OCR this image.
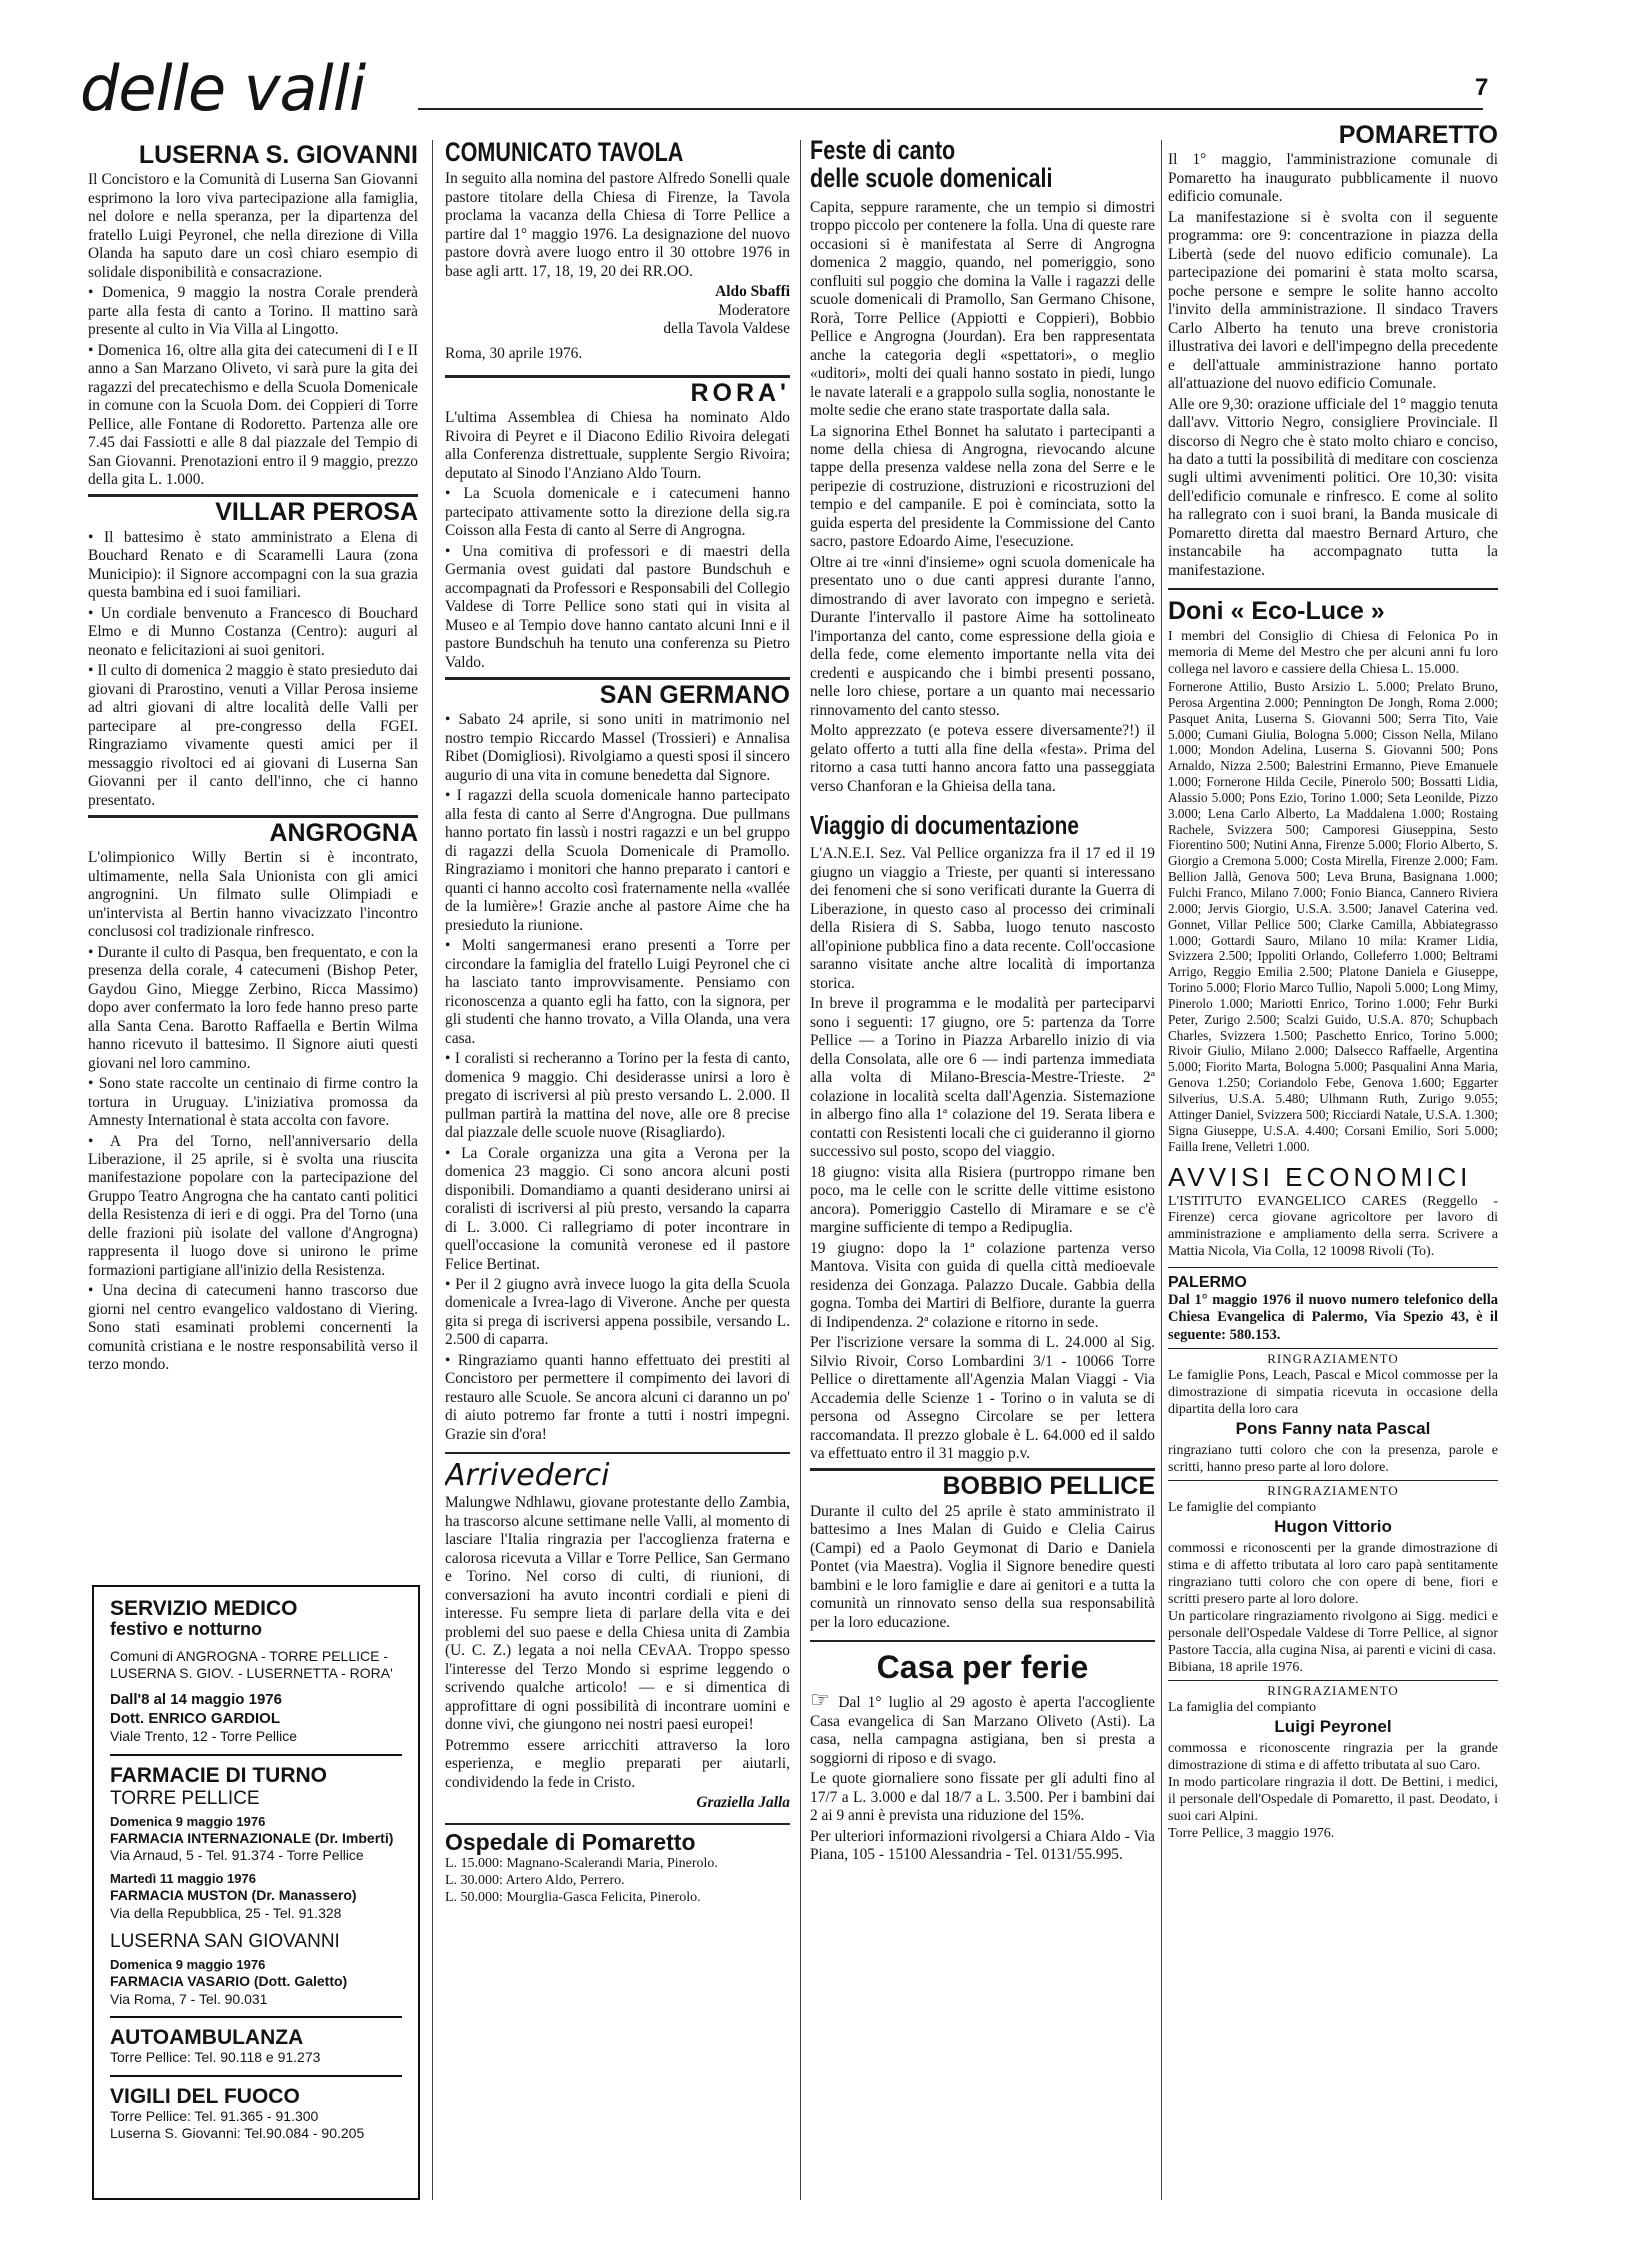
delle valli	7
LUSERNA S. GIOVANNI

Il Concistoro e la Comunità di Luserna San Giovanni esprimono la loro viva partecipazione alla famiglia, nel dolore e nella speranza, per la dipartenza del fratello Luigi Peyronel, che nella direzione di Villa Olanda ha saputo dare un così chiaro esempio di solidale disponibilità e consacrazione.

• Domenica, 9 maggio la nostra Corale prenderà parte alla festa di canto a Torino. Il mattino sarà presente al culto in Via Villa al Lingotto.

• Domenica 16, oltre alla gita dei catecumeni di I e II anno a San Marzano Oliveto, vi sarà pure la gita dei ragazzi del precatechismo e della Scuola Domenicale in comune con la Scuola Dom. dei Coppieri di Torre Pellice, alle Fontane di Rodoretto. Partenza alle ore 7.45 dai Fassiotti e alle 8 dal piazzale del Tempio di San Giovanni. Prenotazioni entro il 9 maggio, prezzo della gita L. 1.000.

VILLAR PEROSA

• Il battesimo è stato amministrato a Elena di Bouchard Renato e di Scaramelli Laura (zona Municipio): il Signore accompagni con la sua grazia questa bambina ed i suoi familiari.

• Un cordiale benvenuto a Francesco di Bouchard Elmo e di Munno Costanza (Centro): auguri al neonato e felicitazioni ai suoi genitori.

• Il culto di domenica 2 maggio è stato presieduto dai giovani di Prarostino, venuti a Villar Perosa insieme ad altri giovani di altre località delle Valli per partecipare al pre-congresso della FGEI. Ringraziamo vivamente questi amici per il messaggio rivoltoci ed ai giovani di Luserna San Giovanni per il canto dell'inno, che ci hanno presentato.

ANGROGNA

L'olimpionico Willy Bertin si è incontrato, ultimamente, nella Sala Unionista con gli amici angrognini. Un filmato sulle Olimpiadi e un'intervista al Bertin hanno vivacizzato l'incontro conclusosi col tradizionale rinfresco.

• Durante il culto di Pasqua, ben frequentato, e con la presenza della corale, 4 catecumeni (Bishop Peter, Gaydou Gino, Miegge Zerbino, Ricca Massimo) dopo aver confermato la loro fede hanno preso parte alla Santa Cena. Barotto Raffaella e Bertin Wilma hanno ricevuto il battesimo. Il Signore aiuti questi giovani nel loro cammino.

• Sono state raccolte un centinaio di firme contro la tortura in Uruguay. L'iniziativa promossa da Amnesty International è stata accolta con favore.

• A Pra del Torno, nell'anniversario della Liberazione, il 25 aprile, si è svolta una riuscita manifestazione popolare con la partecipazione del Gruppo Teatro Angrogna che ha cantato canti politici della Resistenza di ieri e di oggi. Pra del Torno (una delle frazioni più isolate del vallone d'Angrogna) rappresenta il luogo dove si unirono le prime formazioni partigiane all'inizio della Resistenza.

• Una decina di catecumeni hanno trascorso due giorni nel centro evangelico valdostano di Viering. Sono stati esaminati problemi concernenti la comunità cristiana e le nostre responsabilità verso il terzo mondo.

SERVIZIO MEDICO
festivo e notturno
Comuni di ANGROGNA - TORRE PELLICE - LUSERNA S. GIOV. - LUSERNETTA - RORA'
Dall'8 al 14 maggio 1976
Dott. ENRICO GARDIOL
Viale Trento, 12 - Torre Pellice
FARMACIE DI TURNO
TORRE PELLICE
Domenica 9 maggio 1976
FARMACIA INTERNAZIONALE (Dr. Imberti)
Via Arnaud, 5 - Tel. 91.374 - Torre Pellice
Martedì 11 maggio 1976
FARMACIA MUSTON (Dr. Manassero)
Via della Repubblica, 25 - Tel. 91.328
LUSERNA SAN GIOVANNI
Domenica 9 maggio 1976
FARMACIA VASARIO (Dott. Galetto)
Via Roma, 7 - Tel. 90.031
AUTOAMBULANZA
Torre Pellice: Tel. 90.118 e 91.273
VIGILI DEL FUOCO
Torre Pellice: Tel. 91.365 - 91.300
Luserna S. Giovanni: Tel.90.084 - 90.205
COMUNICATO TAVOLA

In seguito alla nomina del pastore Alfredo Sonelli quale pastore titolare della Chiesa di Firenze, la Tavola proclama la vacanza della Chiesa di Torre Pellice a partire dal 1° maggio 1976. La designazione del nuovo pastore dovrà avere luogo entro il 30 ottobre 1976 in base agli artt. 17, 18, 19, 20 dei RR.OO.

Aldo Sbaffi
Moderatore
della Tavola Valdese

Roma, 30 aprile 1976.

RORA'

L'ultima Assemblea di Chiesa ha nominato Aldo Rivoira di Peyret e il Diacono Edilio Rivoira delegati alla Conferenza distrettuale, supplente Sergio Rivoira; deputato al Sinodo l'Anziano Aldo Tourn.

• La Scuola domenicale e i catecumeni hanno partecipato attivamente sotto la direzione della sig.ra Coisson alla Festa di canto al Serre di Angrogna.

• Una comitiva di professori e di maestri della Germania ovest guidati dal pastore Bundschuh e accompagnati da Professori e Responsabili del Collegio Valdese di Torre Pellice sono stati qui in visita al Museo e al Tempio dove hanno cantato alcuni Inni e il pastore Bundschuh ha tenuto una conferenza su Pietro Valdo.

SAN GERMANO

• Sabato 24 aprile, si sono uniti in matrimonio nel nostro tempio Riccardo Massel (Trossieri) e Annalisa Ribet (Domigliosi). Rivolgiamo a questi sposi il sincero augurio di una vita in comune benedetta dal Signore.

• I ragazzi della scuola domenicale hanno partecipato alla festa di canto al Serre d'Angrogna. Due pullmans hanno portato fin lassù i nostri ragazzi e un bel gruppo di ragazzi della Scuola Domenicale di Pramollo. Ringraziamo i monitori che hanno preparato i cantori e quanti ci hanno accolto così fraternamente nella «vallée de la lumière»! Grazie anche al pastore Aime che ha presieduto la riunione.

• Molti sangermanesi erano presenti a Torre per circondare la famiglia del fratello Luigi Peyronel che ci ha lasciato tanto improvvisamente. Pensiamo con riconoscenza a quanto egli ha fatto, con la signora, per gli studenti che hanno trovato, a Villa Olanda, una vera casa.

• I coralisti si recheranno a Torino per la festa di canto, domenica 9 maggio. Chi desiderasse unirsi a loro è pregato di iscriversi al più presto versando L. 2.000. Il pullman partirà la mattina del nove, alle ore 8 precise dal piazzale delle scuole nuove (Risagliardo).

• La Corale organizza una gita a Verona per la domenica 23 maggio. Ci sono ancora alcuni posti disponibili. Domandiamo a quanti desiderano unirsi ai coralisti di iscriversi al più presto, versando la caparra di L. 3.000. Ci rallegriamo di poter incontrare in quell'occasione la comunità veronese ed il pastore Felice Bertinat.

• Per il 2 giugno avrà invece luogo la gita della Scuola domenicale a Ivrea-lago di Viverone. Anche per questa gita si prega di iscriversi appena possibile, versando L. 2.500 di caparra.

• Ringraziamo quanti hanno effettuato dei prestiti al Concistoro per permettere il compimento dei lavori di restauro alle Scuole. Se ancora alcuni ci daranno un po' di aiuto potremo far fronte a tutti i nostri impegni. Grazie sin d'ora!

Arrivederci

Malungwe Ndhlawu, giovane protestante dello Zambia, ha trascorso alcune settimane nelle Valli, al momento di lasciare l'Italia ringrazia per l'accoglienza fraterna e calorosa ricevuta a Villar e Torre Pellice, San Germano e Torino. Nel corso di culti, di riunioni, di conversazioni ha avuto incontri cordiali e pieni di interesse. Fu sempre lieta di parlare della vita e dei problemi del suo paese e della Chiesa unita di Zambia (U. C. Z.) legata a noi nella CEvAA. Troppo spesso l'interesse del Terzo Mondo si esprime leggendo o scrivendo qualche articolo! — e si dimentica di approfittare di ogni possibilità di incontrare uomini e donne vivi, che giungono nei nostri paesi europei!

Potremmo essere arricchiti attraverso la loro esperienza, e meglio preparati per aiutarli, condividendo la fede in Cristo.

Graziella Jalla
Ospedale di Pomaretto
L. 15.000: Magnano-Scalerandi Maria, Pinerolo.
L. 30.000: Artero Aldo, Perrero.
L. 50.000: Mourglia-Gasca Felicita, Pinerolo.
Feste di canto
delle scuole domenicali

Capita, seppure raramente, che un tempio si dimostri troppo piccolo per contenere la folla. Una di queste rare occasioni si è manifestata al Serre di Angrogna domenica 2 maggio, quando, nel pomeriggio, sono confluiti sul poggio che domina la Valle i ragazzi delle scuole domenicali di Pramollo, San Germano Chisone, Rorà, Torre Pellice (Appiotti e Coppieri), Bobbio Pellice e Angrogna (Jourdan). Era ben rappresentata anche la categoria degli «spettatori», o meglio «uditori», molti dei quali hanno sostato in piedi, lungo le navate laterali e a grappolo sulla soglia, nonostante le molte sedie che erano state trasportate dalla sala.

La signorina Ethel Bonnet ha salutato i partecipanti a nome della chiesa di Angrogna, rievocando alcune tappe della presenza valdese nella zona del Serre e le peripezie di costruzione, distruzioni e ricostruzioni del tempio e del campanile. E poi è cominciata, sotto la guida esperta del presidente la Commissione del Canto sacro, pastore Edoardo Aime, l'esecuzione.

Oltre ai tre «inni d'insieme» ogni scuola domenicale ha presentato uno o due canti appresi durante l'anno, dimostrando di aver lavorato con impegno e serietà. Durante l'intervallo il pastore Aime ha sottolineato l'importanza del canto, come espressione della gioia e della fede, come elemento importante nella vita dei credenti e auspicando che i bimbi presenti possano, nelle loro chiese, portare a un quanto mai necessario rinnovamento del canto stesso.

Molto apprezzato (e poteva essere diversamente?!) il gelato offerto a tutti alla fine della «festa». Prima del ritorno a casa tutti hanno ancora fatto una passeggiata verso Chanforan e la Ghieisa della tana.

Viaggio di documentazione

L'A.N.E.I. Sez. Val Pellice organizza fra il 17 ed il 19 giugno un viaggio a Trieste, per quanti si interessano dei fenomeni che si sono verificati durante la Guerra di Liberazione, in questo caso al processo dei criminali della Risiera di S. Sabba, luogo tenuto nascosto all'opinione pubblica fino a data recente. Coll'occasione saranno visitate anche altre località di importanza storica.

In breve il programma e le modalità per parteciparvi sono i seguenti: 17 giugno, ore 5: partenza da Torre Pellice — a Torino in Piazza Arbarello inizio di via della Consolata, alle ore 6 — indi partenza immediata alla volta di Milano-Brescia-Mestre-Trieste. 2ª colazione in località scelta dall'Agenzia. Sistemazione in albergo fino alla 1ª colazione del 19. Serata libera e contatti con Resistenti locali che ci guideranno il giorno successivo sul posto, scopo del viaggio.

18 giugno: visita alla Risiera (purtroppo rimane ben poco, ma le celle con le scritte delle vittime esistono ancora). Pomeriggio Castello di Miramare e se c'è margine sufficiente di tempo a Redipuglia.

19 giugno: dopo la 1ª colazione partenza verso Mantova. Visita con guida di quella città medioevale residenza dei Gonzaga. Palazzo Ducale. Gabbia della gogna. Tomba dei Martiri di Belfiore, durante la guerra di Indipendenza. 2ª colazione e ritorno in sede.

Per l'iscrizione versare la somma di L. 24.000 al Sig. Silvio Rivoir, Corso Lombardini 3/1 - 10066 Torre Pellice o direttamente all'Agenzia Malan Viaggi - Via Accademia delle Scienze 1 - Torino o in valuta se di persona od Assegno Circolare se per lettera raccomandata. Il prezzo globale è L. 64.000 ed il saldo va effettuato entro il 31 maggio p.v.

BOBBIO PELLICE

Durante il culto del 25 aprile è stato amministrato il battesimo a Ines Malan di Guido e Clelia Cairus (Campi) ed a Paolo Geymonat di Dario e Daniela Pontet (via Maestra). Voglia il Signore benedire questi bambini e le loro famiglie e dare ai genitori e a tutta la comunità un rinnovato senso della sua responsabilità per la loro educazione.

Casa per ferie

☞ Dal 1° luglio al 29 agosto è aperta l'accogliente Casa evangelica di San Marzano Oliveto (Asti). La casa, nella campagna astigiana, ben si presta a soggiorni di riposo e di svago.

Le quote giornaliere sono fissate per gli adulti fino al 17/7 a L. 3.000 e dal 18/7 a L. 3.500. Per i bambini dai 2 ai 9 anni è prevista una riduzione del 15%.

Per ulteriori informazioni rivolgersi a Chiara Aldo - Via Piana, 105 - 15100 Alessandria - Tel. 0131/55.995.

POMARETTO

Il 1° maggio, l'amministrazione comunale di Pomaretto ha inaugurato pubblicamente il nuovo edificio comunale.

La manifestazione si è svolta con il seguente programma: ore 9: concentrazione in piazza della Libertà (sede del nuovo edificio comunale). La partecipazione dei pomarini è stata molto scarsa, poche persone e sempre le solite hanno accolto l'invito della amministrazione. Il sindaco Travers Carlo Alberto ha tenuto una breve cronistoria illustrativa dei lavori e dell'impegno della precedente e dell'attuale amministrazione hanno portato all'attuazione del nuovo edificio Comunale.

Alle ore 9,30: orazione ufficiale del 1° maggio tenuta dall'avv. Vittorio Negro, consigliere Provinciale. Il discorso di Negro che è stato molto chiaro e conciso, ha dato a tutti la possibilità di meditare con coscienza sugli ultimi avvenimenti politici. Ore 10,30: visita dell'edificio comunale e rinfresco. E come al solito ha rallegrato con i suoi brani, la Banda musicale di Pomaretto diretta dal maestro Bernard Arturo, che instancabile ha accompagnato tutta la manifestazione.

Doni « Eco-Luce »
I membri del Consiglio di Chiesa di Felonica Po in memoria di Meme del Mestro che per alcuni anni fu loro collega nel lavoro e cassiere della Chiesa L. 15.000.
Fornerone Attilio, Busto Arsizio L. 5.000; Prelato Bruno, Perosa Argentina 2.000; Pennington De Jongh, Roma 2.000; Pasquet Anita, Luserna S. Giovanni 500; Serra Tito, Vaie 5.000; Cumani Giulia, Bologna 5.000; Cisson Nella, Milano 1.000; Mondon Adelina, Luserna S. Giovanni 500; Pons Arnaldo, Nizza 2.500; Balestrini Ermanno, Pieve Emanuele 1.000; Fornerone Hilda Cecile, Pinerolo 500; Bossatti Lidia, Alassio 5.000; Pons Ezio, Torino 1.000; Seta Leonilde, Pizzo 3.000; Lena Carlo Alberto, La Maddalena 1.000; Rostaing Rachele, Svizzera 500; Camporesi Giuseppina, Sesto Fiorentino 500; Nutini Anna, Firenze 5.000; Florio Alberto, S. Giorgio a Cremona 5.000; Costa Mirella, Firenze 2.000; Fam. Bellion Jallà, Genova 500; Leva Bruna, Basignana 1.000; Fulchi Franco, Milano 7.000; Fonio Bianca, Cannero Riviera 2.000; Jervis Giorgio, U.S.A. 3.500; Janavel Caterina ved. Gonnet, Villar Pellice 500; Clarke Camilla, Abbiategrasso 1.000; Gottardi Sauro, Milano 10 mila: Kramer Lidia, Svizzera 2.500; Ippoliti Orlando, Colleferro 1.000; Beltrami Arrigo, Reggio Emilia 2.500; Platone Daniela e Giuseppe, Torino 5.000; Florio Marco Tullio, Napoli 5.000; Long Mimy, Pinerolo 1.000; Mariotti Enrico, Torino 1.000; Fehr Burki Peter, Zurigo 2.500; Scalzi Guido, U.S.A. 870; Schupbach Charles, Svizzera 1.500; Paschetto Enrico, Torino 5.000; Rivoir Giulio, Milano 2.000; Dalsecco Raffaelle, Argentina 5.000; Fiorito Marta, Bologna 5.000; Pasqualini Anna Maria, Genova 1.250; Coriandolo Febe, Genova 1.600; Eggarter Silverius, U.S.A. 5.480; Ulhmann Ruth, Zurigo 9.055; Attinger Daniel, Svizzera 500; Ricciardi Natale, U.S.A. 1.300; Signa Giuseppe, U.S.A. 4.400; Corsani Emilio, Sori 5.000; Failla Irene, Velletri 1.000.
AVVISI ECONOMICI
L'ISTITUTO EVANGELICO CARES (Reggello - Firenze) cerca giovane agricoltore per lavoro di amministrazione e ampliamento della serra. Scrivere a Mattia Nicola, Via Colla, 12 10098 Rivoli (To).
PALERMO
Dal 1° maggio 1976 il nuovo numero telefonico della Chiesa Evangelica di Palermo, Via Spezio 43, è il seguente: 580.153.
RINGRAZIAMENTO
Le famiglie Pons, Leach, Pascal e Micol commosse per la dimostrazione di simpatia ricevuta in occasione della dipartita della loro cara
Pons Fanny nata Pascal
ringraziano tutti coloro che con la presenza, parole e scritti, hanno preso parte al loro dolore.
RINGRAZIAMENTO
Le famiglie del compianto
Hugon Vittorio
commossi e riconoscenti per la grande dimostrazione di stima e di affetto tributata al loro caro papà sentitamente ringraziano tutti coloro che con opere di bene, fiori e scritti presero parte al loro dolore.
Un particolare ringraziamento rivolgono ai Sigg. medici e personale dell'Ospedale Valdese di Torre Pellice, al signor Pastore Taccia, alla cugina Nisa, ai parenti e vicini di casa.
Bibiana, 18 aprile 1976.
RINGRAZIAMENTO
La famiglia del compianto
Luigi Peyronel
commossa e riconoscente ringrazia per la grande dimostrazione di stima e di affetto tributata al suo Caro.
In modo particolare ringrazia il dott. De Bettini, i medici, il personale dell'Ospedale di Pomaretto, il past. Deodato, i suoi cari Alpini.
Torre Pellice, 3 maggio 1976.
